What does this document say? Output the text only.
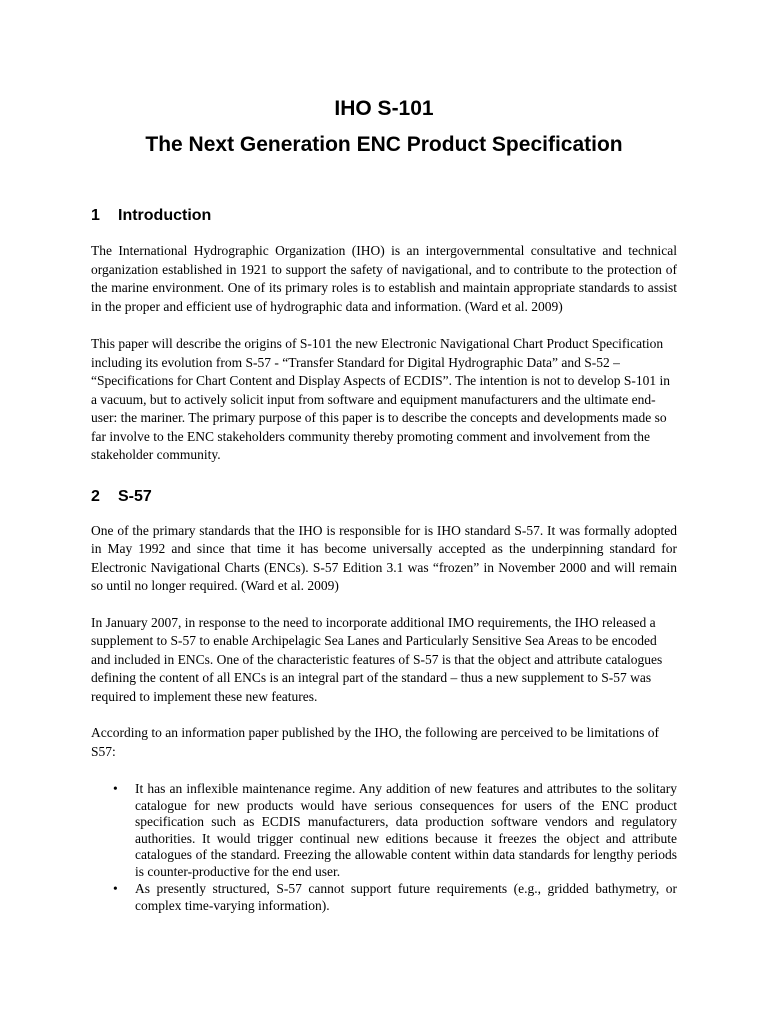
IHO S-101
The Next Generation ENC Product Specification
1 Introduction

The International Hydrographic Organization (IHO) is an intergovernmental consultative and technical organization established in 1921 to support the safety of navigational, and to contribute to the protection of the marine environment. One of its primary roles is to establish and maintain appropriate standards to assist in the proper and efficient use of hydrographic data and information. (Ward et al. 2009)

This paper will describe the origins of S-101 the new Electronic Navigational Chart Product Specification including its evolution from S-57 - “Transfer Standard for Digital Hydrographic Data” and S-52 – “Specifications for Chart Content and Display Aspects of ECDIS”. The intention is not to develop S-101 in a vacuum, but to actively solicit input from software and equipment manufacturers and the ultimate end-user: the mariner. The primary purpose of this paper is to describe the concepts and developments made so far involve to the ENC stakeholders community thereby promoting comment and involvement from the stakeholder community.

2 S-57

One of the primary standards that the IHO is responsible for is IHO standard S-57. It was formally adopted in May 1992 and since that time it has become universally accepted as the underpinning standard for Electronic Navigational Charts (ENCs). S-57 Edition 3.1 was “frozen” in November 2000 and will remain so until no longer required. (Ward et al. 2009)

In January 2007, in response to the need to incorporate additional IMO requirements, the IHO released a supplement to S-57 to enable Archipelagic Sea Lanes and Particularly Sensitive Sea Areas to be encoded and included in ENCs. One of the characteristic features of S-57 is that the object and attribute catalogues defining the content of all ENCs is an integral part of the standard – thus a new supplement to S-57 was required to implement these new features.

According to an information paper published by the IHO, the following are perceived to be limitations of S57:

• It has an inflexible maintenance regime. Any addition of new features and attributes to the solitary catalogue for new products would have serious consequences for users of the ENC product specification such as ECDIS manufacturers, data production software vendors and regulatory authorities. It would trigger continual new editions because it freezes the object and attribute catalogues of the standard. Freezing the allowable content within data standards for lengthy periods is counter-productive for the end user.
• As presently structured, S-57 cannot support future requirements (e.g., gridded bathymetry, or complex time-varying information).
